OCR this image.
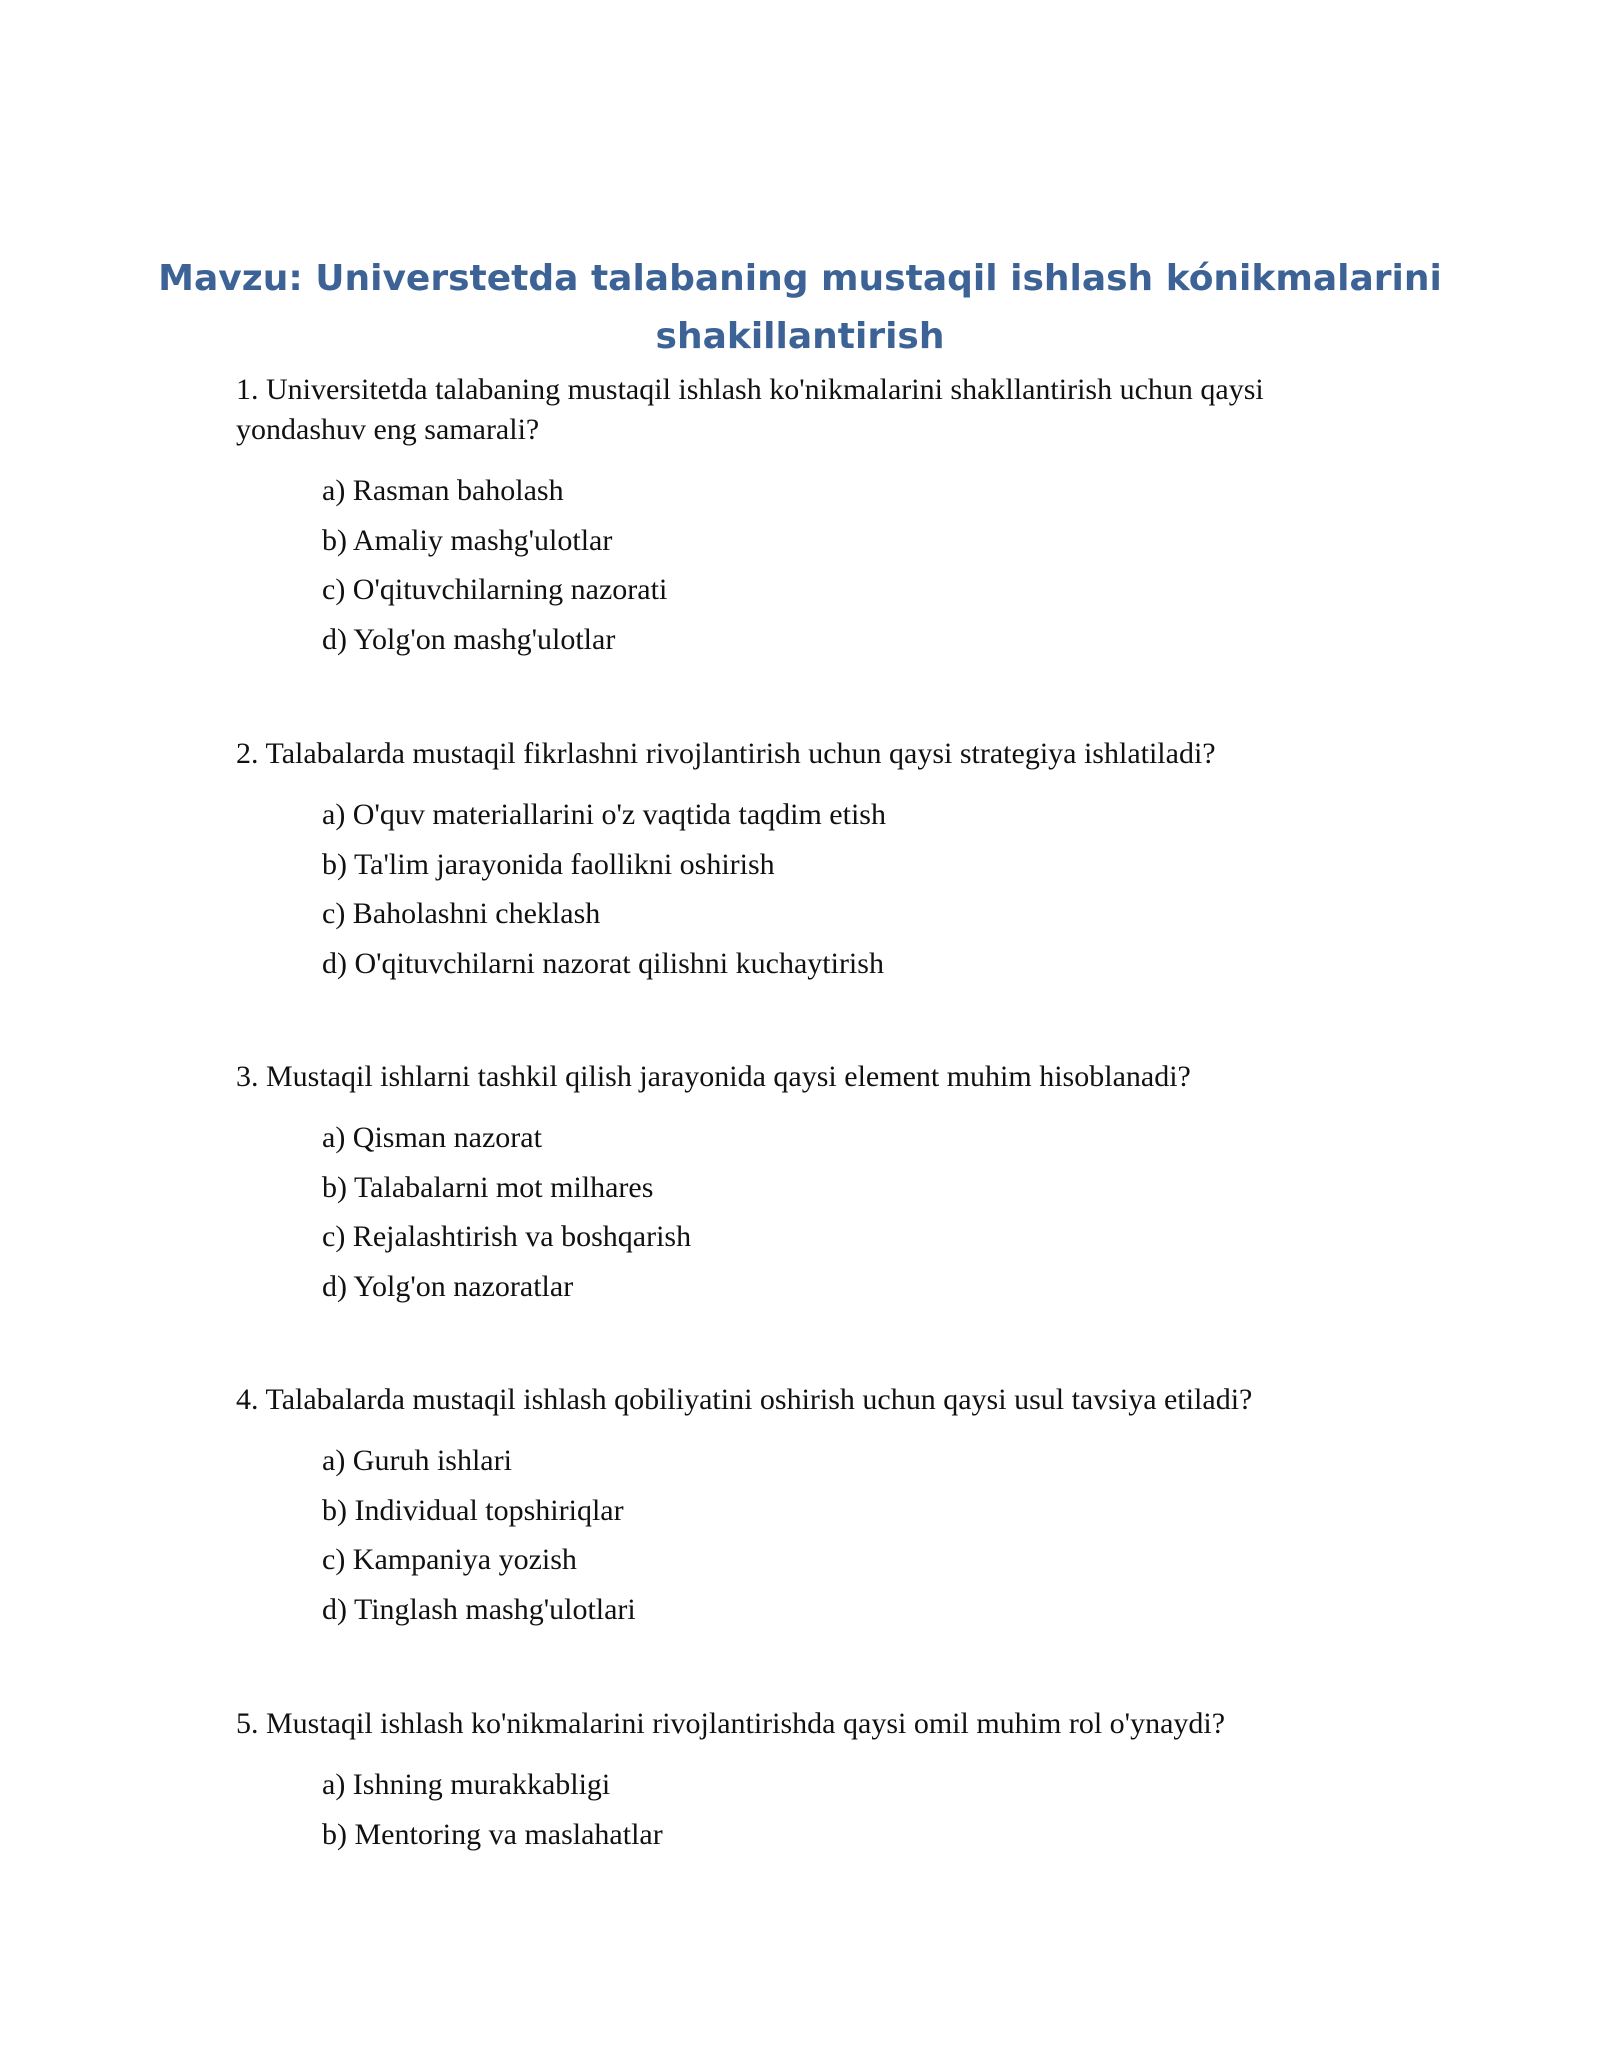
Mavzu: Universtetda talabaning mustaqil ishlash kónikmalarini shakillantirish

1. Universitetda talabaning mustaqil ishlash ko'nikmalarini shakllantirish uchun qaysi yondashuv eng samarali?

a) Rasman baholash
b) Amaliy mashg'ulotlar
c) O'qituvchilarning nazorati
d) Yolg'on mashg'ulotlar

2. Talabalarda mustaqil fikrlashni rivojlantirish uchun qaysi strategiya ishlatiladi?

a) O'quv materiallarini o'z vaqtida taqdim etish
b) Ta'lim jarayonida faollikni oshirish
c) Baholashni cheklash
d) O'qituvchilarni nazorat qilishni kuchaytirish

3. Mustaqil ishlarni tashkil qilish jarayonida qaysi element muhim hisoblanadi?

a) Qisman nazorat
b) Talabalarni mot milhares
c) Rejalashtirish va boshqarish
d) Yolg'on nazoratlar

4. Talabalarda mustaqil ishlash qobiliyatini oshirish uchun qaysi usul tavsiya etiladi?

a) Guruh ishlari
b) Individual topshiriqlar
c) Kampaniya yozish
d) Tinglash mashg'ulotlari

5. Mustaqil ishlash ko'nikmalarini rivojlantirishda qaysi omil muhim rol o'ynaydi?

a) Ishning murakkabligi
b) Mentoring va maslahatlar
